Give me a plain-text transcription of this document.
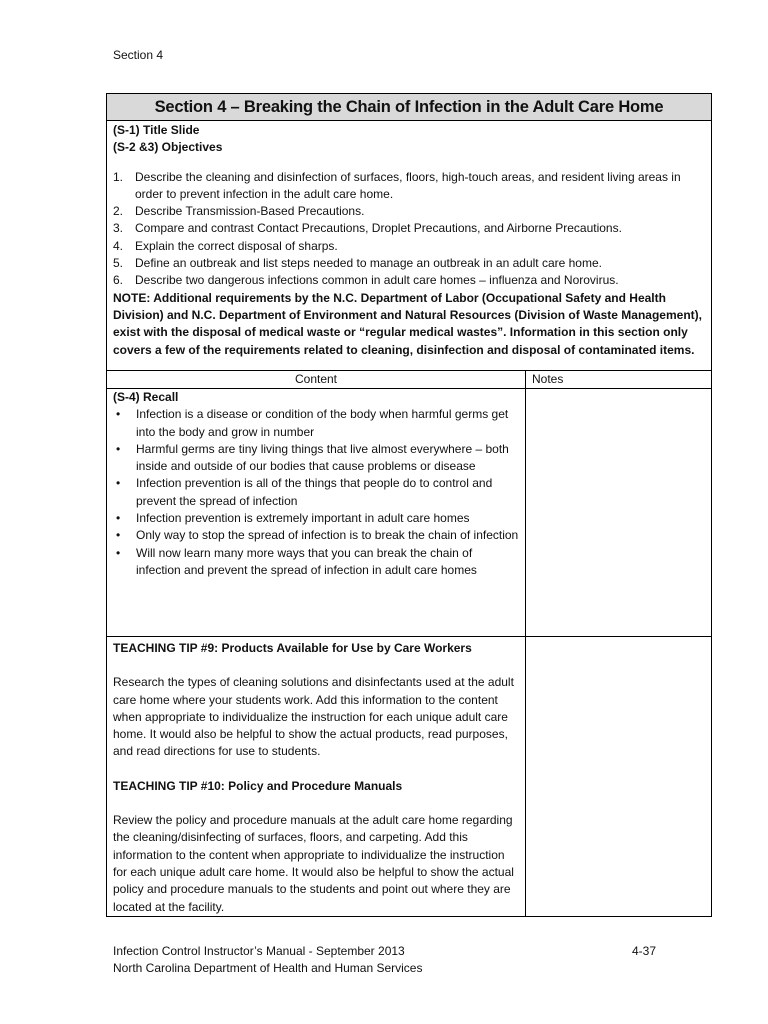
Section 4
Section 4 – Breaking the Chain of Infection in the Adult Care Home
(S-1) Title Slide
(S-2 &3) Objectives
1. Describe the cleaning and disinfection of surfaces, floors, high-touch areas, and resident living areas in order to prevent infection in the adult care home.
2. Describe Transmission-Based Precautions.
3. Compare and contrast Contact Precautions, Droplet Precautions, and Airborne Precautions.
4. Explain the correct disposal of sharps.
5. Define an outbreak and list steps needed to manage an outbreak in an adult care home.
6. Describe two dangerous infections common in adult care homes – influenza and Norovirus.

NOTE: Additional requirements by the N.C. Department of Labor (Occupational Safety and Health Division) and N.C. Department of Environment and Natural Resources (Division of Waste Management), exist with the disposal of medical waste or “regular medical wastes”. Information in this section only covers a few of the requirements related to cleaning, disinfection and disposal of contaminated items.

Content	Notes
(S-4) Recall
• Infection is a disease or condition of the body when harmful germs get into the body and grow in number
• Harmful germs are tiny living things that live almost everywhere – both inside and outside of our bodies that cause problems or disease
• Infection prevention is all of the things that people do to control and prevent the spread of infection
• Infection prevention is extremely important in adult care homes
• Only way to stop the spread of infection is to break the chain of infection
• Will now learn many more ways that you can break the chain of infection and prevent the spread of infection in adult care homes
TEACHING TIP #9: Products Available for Use by Care Workers
Research the types of cleaning solutions and disinfectants used at the adult care home where your students work. Add this information to the content when appropriate to individualize the instruction for each unique adult care home. It would also be helpful to show the actual products, read purposes, and read directions for use to students.
TEACHING TIP #10: Policy and Procedure Manuals
Review the policy and procedure manuals at the adult care home regarding the cleaning/disinfecting of surfaces, floors, and carpeting. Add this information to the content when appropriate to individualize the instruction for each unique adult care home. It would also be helpful to show the actual policy and procedure manuals to the students and point out where they are located at the facility.
Infection Control Instructor’s Manual - September 2013	4-37
North Carolina Department of Health and Human Services
